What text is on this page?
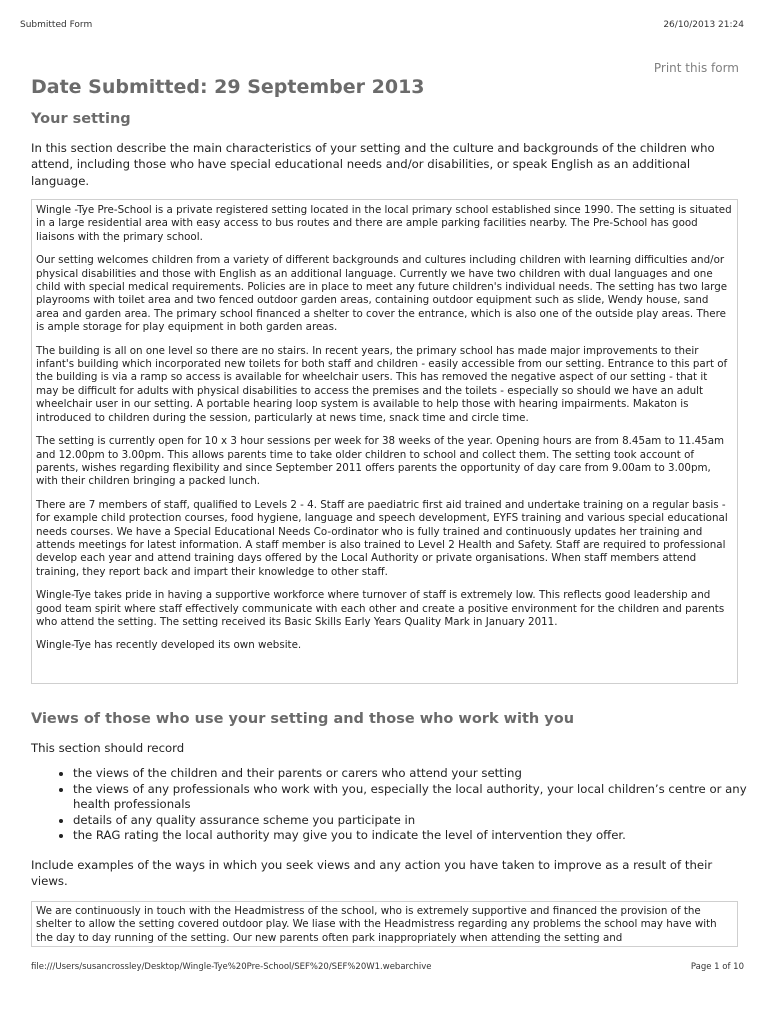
Submitted Form	26/10/2013 21:24
Print this form
Date Submitted: 29 September 2013
Your setting

In this section describe the main characteristics of your setting and the culture and backgrounds of the children who attend, including those who have special educational needs and/or disabilities, or speak English as an additional language.

Wingle -Tye Pre-School is a private registered setting located in the local primary school established since 1990. The setting is situated in a large residential area with easy access to bus routes and there are ample parking facilities nearby. The Pre-School has good liaisons with the primary school.

Our setting welcomes children from a variety of different backgrounds and cultures including children with learning difficulties and/or physical disabilities and those with English as an additional language. Currently we have two children with dual languages and one child with special medical requirements. Policies are in place to meet any future children's individual needs. The setting has two large playrooms with toilet area and two fenced outdoor garden areas, containing outdoor equipment such as slide, Wendy house, sand area and garden area. The primary school financed a shelter to cover the entrance, which is also one of the outside play areas. There is ample storage for play equipment in both garden areas.

The building is all on one level so there are no stairs. In recent years, the primary school has made major improvements to their infant's building which incorporated new toilets for both staff and children - easily accessible from our setting. Entrance to this part of the building is via a ramp so access is available for wheelchair users. This has removed the negative aspect of our setting - that it may be difficult for adults with physical disabilities to access the premises and the toilets - especially so should we have an adult wheelchair user in our setting. A portable hearing loop system is available to help those with hearing impairments. Makaton is introduced to children during the session, particularly at news time, snack time and circle time.

The setting is currently open for 10 x 3 hour sessions per week for 38 weeks of the year. Opening hours are from 8.45am to 11.45am and 12.00pm to 3.00pm. This allows parents time to take older children to school and collect them. The setting took account of parents, wishes regarding flexibility and since September 2011 offers parents the opportunity of day care from 9.00am to 3.00pm, with their children bringing a packed lunch.

There are 7 members of staff, qualified to Levels 2 - 4. Staff are paediatric first aid trained and undertake training on a regular basis - for example child protection courses, food hygiene, language and speech development, EYFS training and various special educational needs courses. We have a Special Educational Needs Co-ordinator who is fully trained and continuously updates her training and attends meetings for latest information. A staff member is also trained to Level 2 Health and Safety. Staff are required to professional develop each year and attend training days offered by the Local Authority or private organisations. When staff members attend training, they report back and impart their knowledge to other staff.

Wingle-Tye takes pride in having a supportive workforce where turnover of staff is extremely low. This reflects good leadership and good team spirit where staff effectively communicate with each other and create a positive environment for the children and parents who attend the setting. The setting received its Basic Skills Early Years Quality Mark in January 2011.

Wingle-Tye has recently developed its own website.

Views of those who use your setting and those who work with you

This section should record

• the views of the children and their parents or carers who attend your setting
• the views of any professionals who work with you, especially the local authority, your local children’s centre or any health professionals
• details of any quality assurance scheme you participate in
• the RAG rating the local authority may give you to indicate the level of intervention they offer.

Include examples of the ways in which you seek views and any action you have taken to improve as a result of their views.

We are continuously in touch with the Headmistress of the school, who is extremely supportive and financed the provision of the shelter to allow the setting covered outdoor play. We liase with the Headmistress regarding any problems the school may have with the day to day running of the setting. Our new parents often park inappropriately when attending the setting and

file:///Users/susancrossley/Desktop/Wingle-Tye%20Pre-School/SEF%20/SEF%20W1.webarchive	Page 1 of 10
